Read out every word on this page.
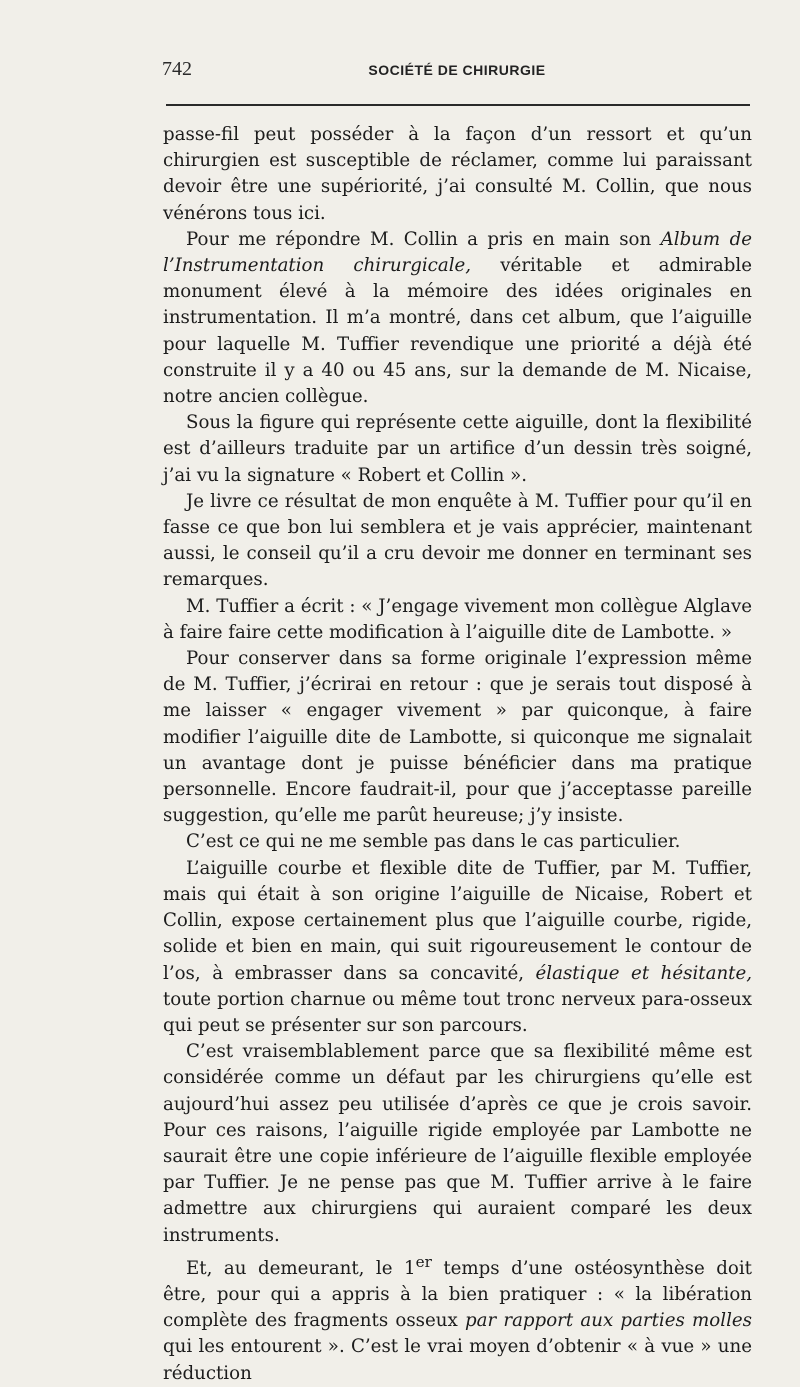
742	SOCIÉTÉ DE CHIRURGIE

passe-fil peut posséder à la façon d’un ressort et qu’un chirurgien est susceptible de réclamer, comme lui paraissant devoir être une supériorité, j’ai consulté M. Collin, que nous vénérons tous ici.

Pour me répondre M. Collin a pris en main son Album de l’Instrumentation chirurgicale, véritable et admirable monument élevé à la mémoire des idées originales en instrumentation. Il m’a montré, dans cet album, que l’aiguille pour laquelle M. Tuffier revendique une priorité a déjà été construite il y a 40 ou 45 ans, sur la demande de M. Nicaise, notre ancien collègue.

Sous la figure qui représente cette aiguille, dont la flexibilité est d’ailleurs traduite par un artifice d’un dessin très soigné, j’ai vu la signature « Robert et Collin ».

Je livre ce résultat de mon enquête à M. Tuffier pour qu’il en fasse ce que bon lui semblera et je vais apprécier, maintenant aussi, le conseil qu’il a cru devoir me donner en terminant ses remarques.

M. Tuffier a écrit : « J’engage vivement mon collègue Alglave à faire faire cette modification à l’aiguille dite de Lambotte. »

Pour conserver dans sa forme originale l’expression même de M. Tuffier, j’écrirai en retour : que je serais tout disposé à me laisser « engager vivement » par quiconque, à faire modifier l’aiguille dite de Lambotte, si quiconque me signalait un avantage dont je puisse bénéficier dans ma pratique personnelle. Encore faudrait-il, pour que j’acceptasse pareille suggestion, qu’elle me parût heureuse; j’y insiste.

C’est ce qui ne me semble pas dans le cas particulier.

L’aiguille courbe et flexible dite de Tuffier, par M. Tuffier, mais qui était à son origine l’aiguille de Nicaise, Robert et Collin, expose certainement plus que l’aiguille courbe, rigide, solide et bien en main, qui suit rigoureusement le contour de l’os, à embrasser dans sa concavité, élastique et hésitante, toute portion charnue ou même tout tronc nerveux para-osseux qui peut se présenter sur son parcours.

C’est vraisemblablement parce que sa flexibilité même est considérée comme un défaut par les chirurgiens qu’elle est aujourd’hui assez peu utilisée d’après ce que je crois savoir. Pour ces raisons, l’aiguille rigide employée par Lambotte ne saurait être une copie inférieure de l’aiguille flexible employée par Tuffier. Je ne pense pas que M. Tuffier arrive à le faire admettre aux chirurgiens qui auraient comparé les deux instruments.

Et, au demeurant, le 1er temps d’une ostéosynthèse doit être, pour qui a appris à la bien pratiquer : « la libération complète des fragments osseux par rapport aux parties molles qui les entourent ». C’est le vrai moyen d’obtenir « à vue » une réduction
